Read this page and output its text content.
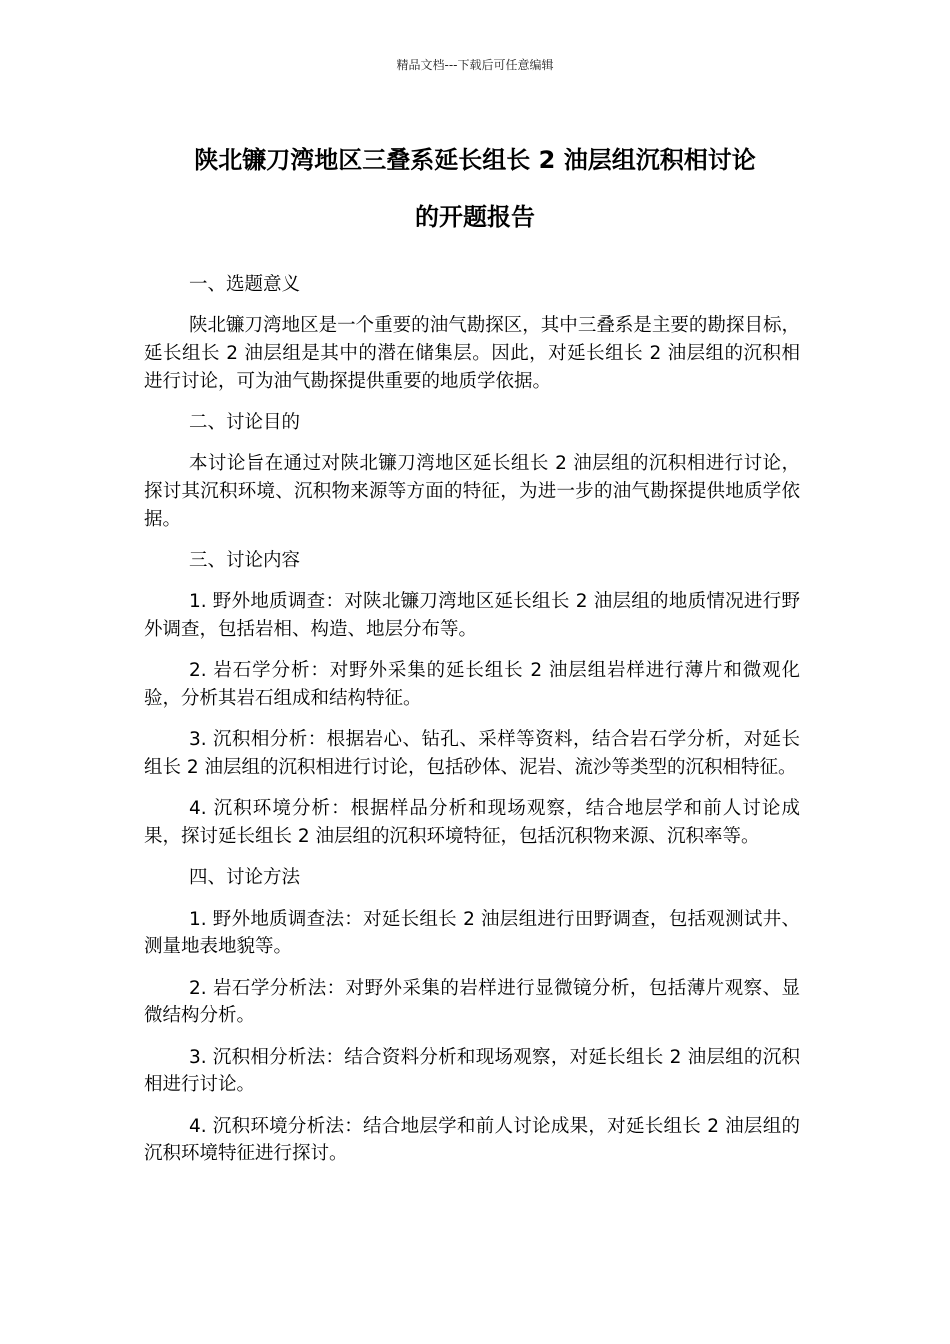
精品文档---下载后可任意编辑
陕北镰刀湾地区三叠系延长组长 2 油层组沉积相讨论
的开题报告

一、选题意义

陕北镰刀湾地区是一个重要的油气勘探区，其中三叠系是主要的勘探目标，延长组长 2 油层组是其中的潜在储集层。因此，对延长组长 2 油层组的沉积相进行讨论，可为油气勘探提供重要的地质学依据。

二、讨论目的

本讨论旨在通过对陕北镰刀湾地区延长组长 2 油层组的沉积相进行讨论，探讨其沉积环境、沉积物来源等方面的特征，为进一步的油气勘探提供地质学依据。

三、讨论内容

1. 野外地质调查：对陕北镰刀湾地区延长组长 2 油层组的地质情况进行野外调查，包括岩相、构造、地层分布等。

2. 岩石学分析：对野外采集的延长组长 2 油层组岩样进行薄片和微观化验，分析其岩石组成和结构特征。

3. 沉积相分析：根据岩心、钻孔、采样等资料，结合岩石学分析，对延长组长 2 油层组的沉积相进行讨论，包括砂体、泥岩、流沙等类型的沉积相特征。

4. 沉积环境分析：根据样品分析和现场观察，结合地层学和前人讨论成果，探讨延长组长 2 油层组的沉积环境特征，包括沉积物来源、沉积率等。

四、讨论方法

1. 野外地质调查法：对延长组长 2 油层组进行田野调查，包括观测试井、测量地表地貌等。

2. 岩石学分析法：对野外采集的岩样进行显微镜分析，包括薄片观察、显微结构分析。

3. 沉积相分析法：结合资料分析和现场观察，对延长组长 2 油层组的沉积相进行讨论。

4. 沉积环境分析法：结合地层学和前人讨论成果，对延长组长 2 油层组的沉积环境特征进行探讨。
